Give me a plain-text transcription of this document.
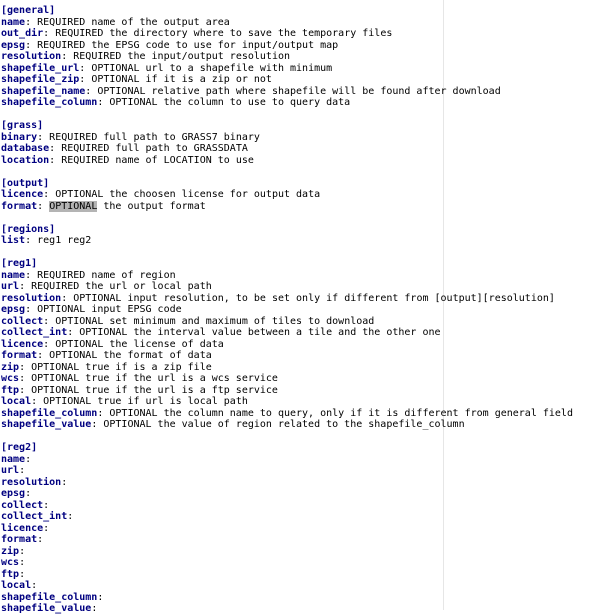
[general]
name: REQUIRED name of the output area
out_dir: REQUIRED the directory where to save the temporary files
epsg: REQUIRED the EPSG code to use for input/output map
resolution: REQUIRED the input/output resolution
shapefile_url: OPTIONAL url to a shapefile with minimum
shapefile_zip: OPTIONAL if it is a zip or not
shapefile_name: OPTIONAL relative path where shapefile will be found after download
shapefile_column: OPTIONAL the column to use to query data
[grass]
binary: REQUIRED full path to GRASS7 binary
database: REQUIRED full path to GRASSDATA
location: REQUIRED name of LOCATION to use
[output]
licence: OPTIONAL the choosen license for output data
format: OPTIONAL the output format
[regions]
list: reg1 reg2
[reg1]
name: REQUIRED name of region
url: REQUIRED the url or local path
resolution: OPTIONAL input resolution, to be set only if different from [output][resolution]
epsg: OPTIONAL input EPSG code
collect: OPTIONAL set minimum and maximum of tiles to download
collect_int: OPTIONAL the interval value between a tile and the other one
licence: OPTIONAL the license of data
format: OPTIONAL the format of data
zip: OPTIONAL true if is a zip file
wcs: OPTIONAL true if the url is a wcs service
ftp: OPTIONAL true if the url is a ftp service
local: OPTIONAL true if url is local path
shapefile_column: OPTIONAL the column name to query, only if it is different from general field
shapefile_value: OPTIONAL the value of region related to the shapefile_column
[reg2]
name:
url:
resolution:
epsg:
collect:
collect_int:
licence:
format:
zip:
wcs:
ftp:
local:
shapefile_column:
shapefile_value:
